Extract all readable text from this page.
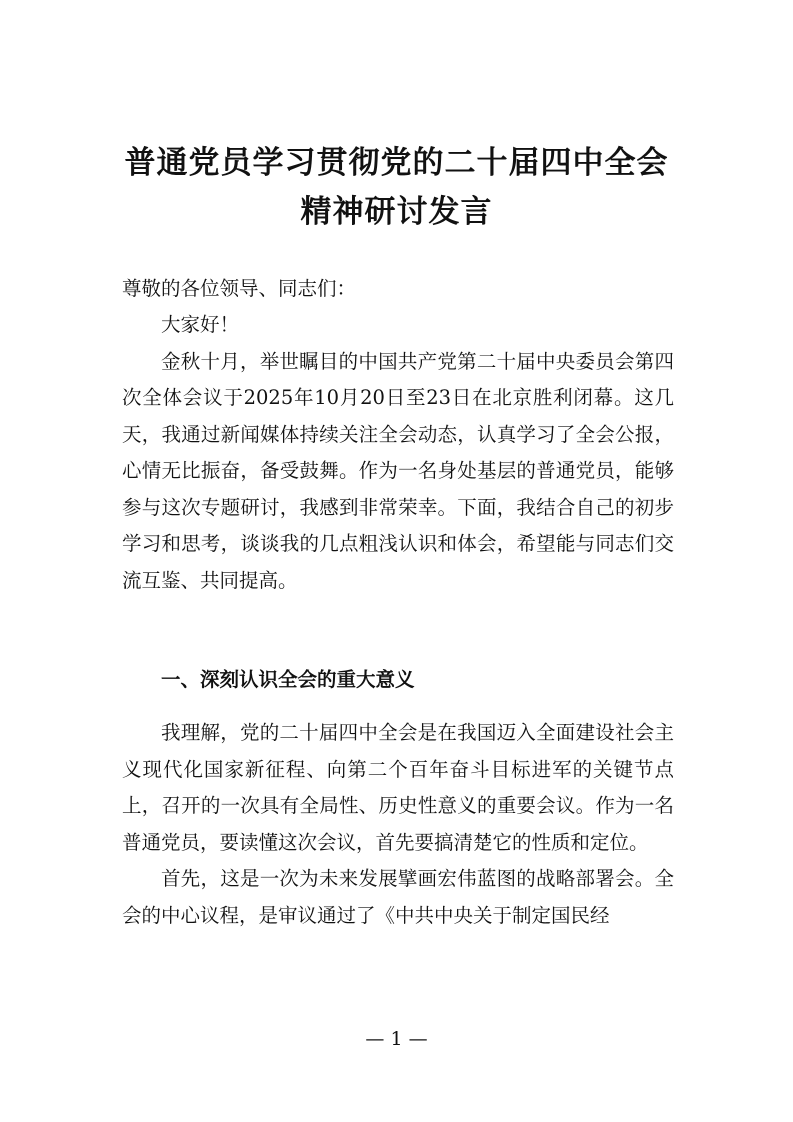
普通党员学习贯彻党的二十届四中全会
精神研讨发言

尊敬的各位领导、同志们：

大家好！

金秋十月，举世瞩目的中国共产党第二十届中央委员会第四次全体会议于2025年10月20日至23日在北京胜利闭幕。这几天，我通过新闻媒体持续关注全会动态，认真学习了全会公报，心情无比振奋，备受鼓舞。作为一名身处基层的普通党员，能够参与这次专题研讨，我感到非常荣幸。下面，我结合自己的初步学习和思考，谈谈我的几点粗浅认识和体会，希望能与同志们交流互鉴、共同提高。

一、深刻认识全会的重大意义

我理解，党的二十届四中全会是在我国迈入全面建设社会主义现代化国家新征程、向第二个百年奋斗目标进军的关键节点上，召开的一次具有全局性、历史性意义的重要会议。作为一名普通党员，要读懂这次会议，首先要搞清楚它的性质和定位。

首先，这是一次为未来发展擘画宏伟蓝图的战略部署会。全会的中心议程，是审议通过了《中共中央关于制定国民经

— 1 —
